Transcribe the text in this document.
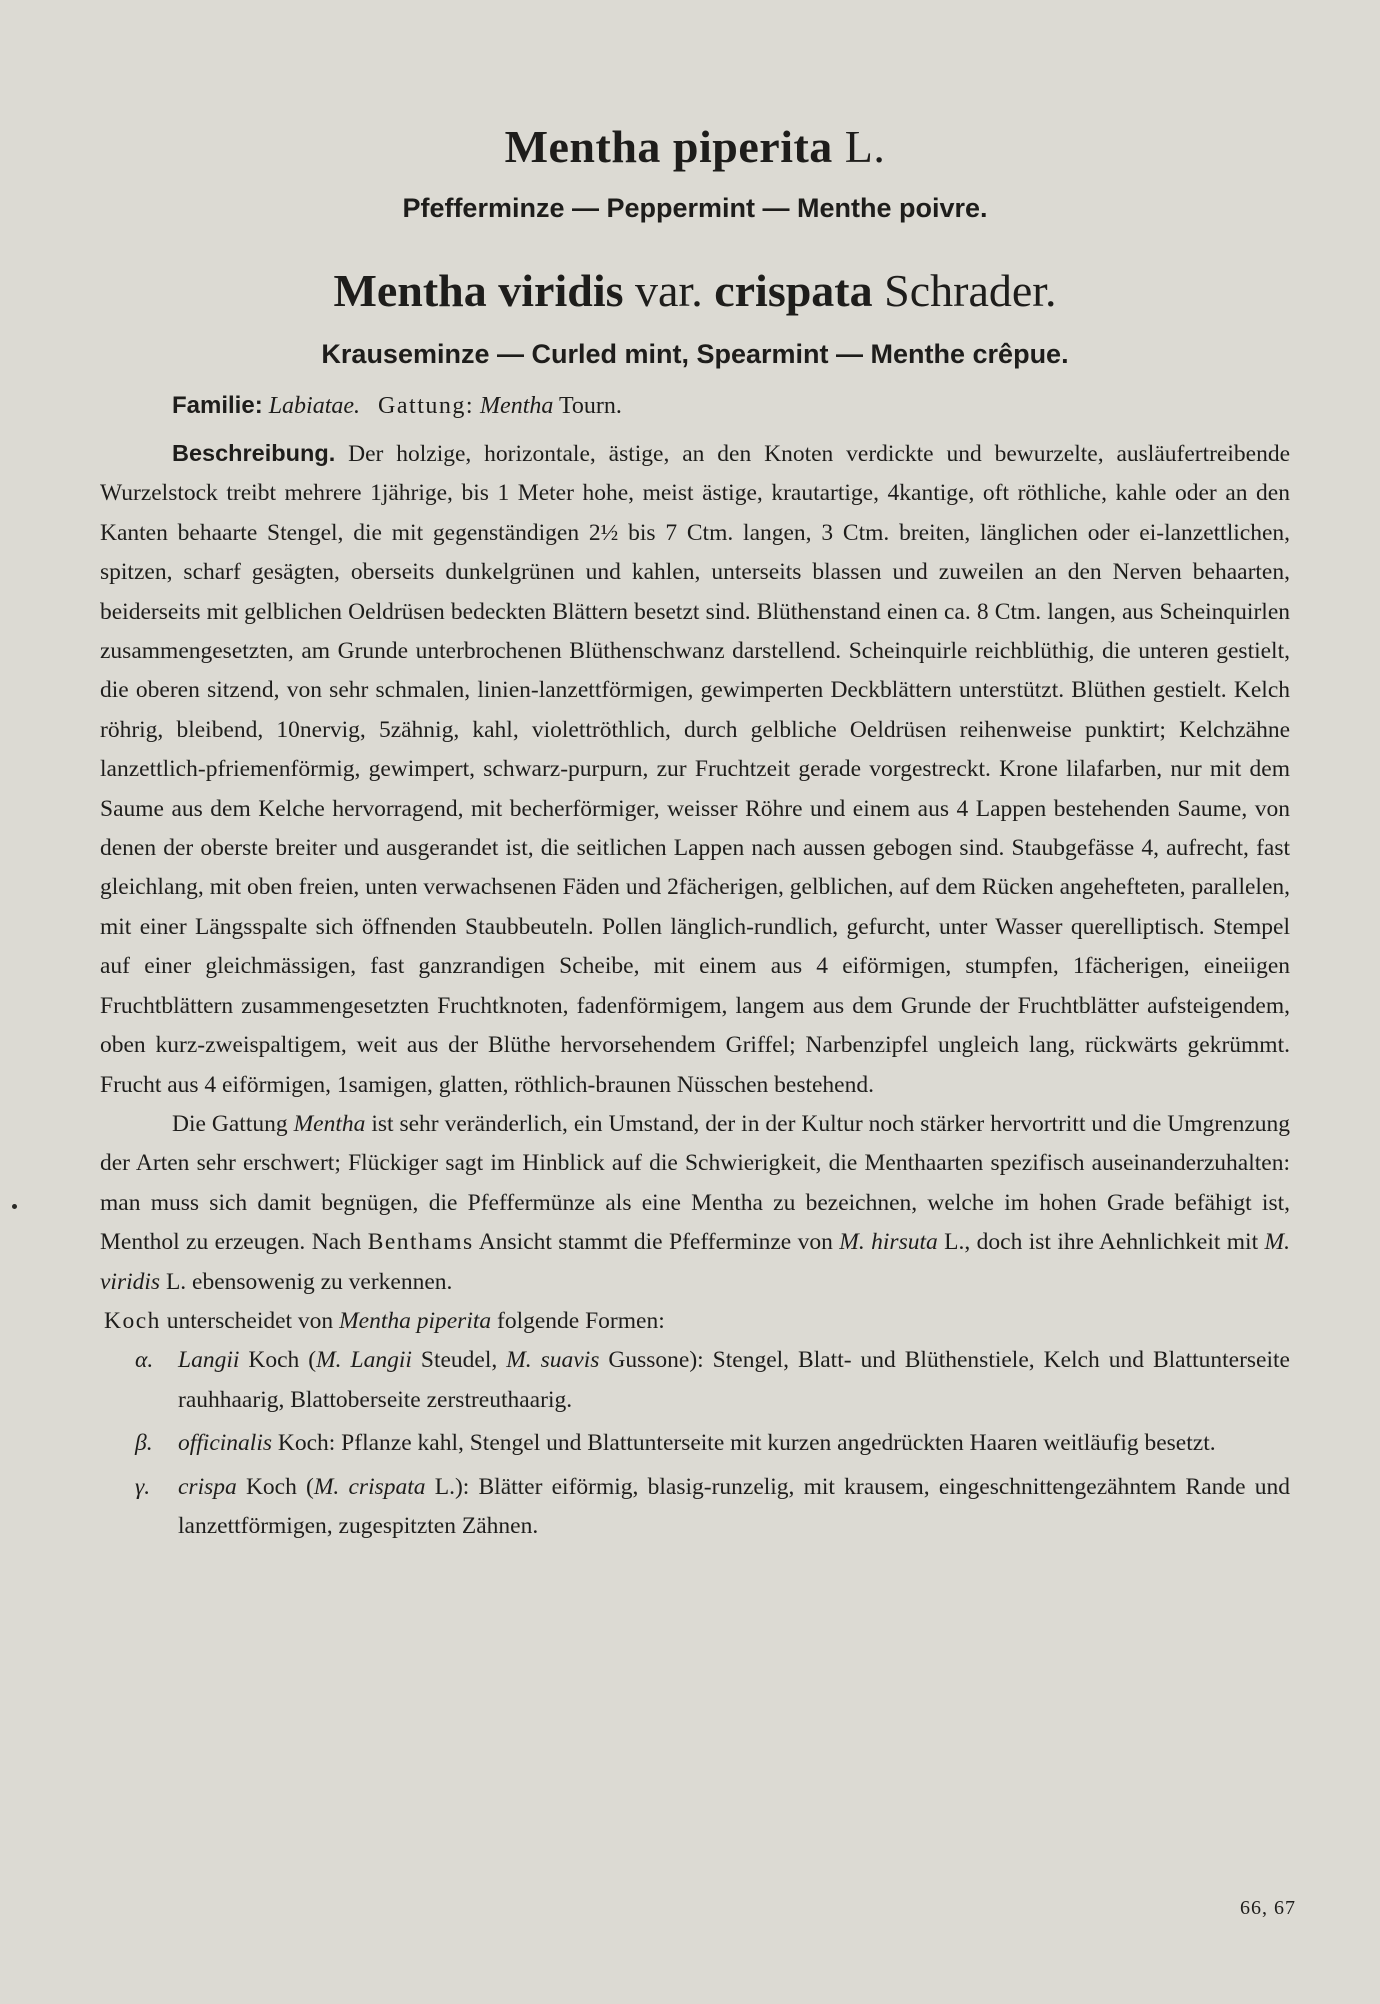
Mentha piperita L.
Pfefferminze — Peppermint — Menthe poivre.
Mentha viridis var. crispata Schrader.
Krauseminze — Curled mint, Spearmint — Menthe crêpue.
Familie: Labiatae. Gattung: Mentha Tourn.

Beschreibung. Der holzige, horizontale, ästige, an den Knoten verdickte und bewurzelte, ausläufertreibende Wurzelstock treibt mehrere 1jährige, bis 1 Meter hohe, meist ästige, krautartige, 4kantige, oft röthliche, kahle oder an den Kanten behaarte Stengel, die mit gegenständigen 2½ bis 7 Ctm. langen, 3 Ctm. breiten, länglichen oder ei-lanzettlichen, spitzen, scharf gesägten, oberseits dunkelgrünen und kahlen, unterseits blassen und zuweilen an den Nerven behaarten, beiderseits mit gelblichen Oeldrüsen bedeckten Blättern besetzt sind. Blüthenstand einen ca. 8 Ctm. langen, aus Scheinquirlen zusammengesetzten, am Grunde unterbrochenen Blüthenschwanz darstellend. Scheinquirle reichblüthig, die unteren gestielt, die oberen sitzend, von sehr schmalen, linien-lanzettförmigen, gewimperten Deckblättern unterstützt. Blüthen gestielt. Kelch röhrig, bleibend, 10nervig, 5zähnig, kahl, violettröthlich, durch gelbliche Oeldrüsen reihenweise punktirt; Kelchzähne lanzettlich-pfriemenförmig, gewimpert, schwarz-purpurn, zur Fruchtzeit gerade vorgestreckt. Krone lilafarben, nur mit dem Saume aus dem Kelche hervorragend, mit becherförmiger, weisser Röhre und einem aus 4 Lappen bestehenden Saume, von denen der oberste breiter und ausgerandet ist, die seitlichen Lappen nach aussen gebogen sind. Staubgefässe 4, aufrecht, fast gleichlang, mit oben freien, unten verwachsenen Fäden und 2fächerigen, gelblichen, auf dem Rücken angehefteten, parallelen, mit einer Längsspalte sich öffnenden Staubbeuteln. Pollen länglich-rundlich, gefurcht, unter Wasser querelliptisch. Stempel auf einer gleichmässigen, fast ganzrandigen Scheibe, mit einem aus 4 eiförmigen, stumpfen, 1fächerigen, eineiigen Fruchtblättern zusammengesetzten Fruchtknoten, fadenförmigem, langem aus dem Grunde der Fruchtblätter aufsteigendem, oben kurz-zweispaltigem, weit aus der Blüthe hervorsehendem Griffel; Narbenzipfel ungleich lang, rückwärts gekrümmt. Frucht aus 4 eiförmigen, 1samigen, glatten, röthlich-braunen Nüsschen bestehend.

Die Gattung Mentha ist sehr veränderlich, ein Umstand, der in der Kultur noch stärker hervortritt und die Umgrenzung der Arten sehr erschwert; Flückiger sagt im Hinblick auf die Schwierigkeit, die Menthaarten spezifisch auseinanderzuhalten: man muss sich damit begnügen, die Pfeffermünze als eine Mentha zu bezeichnen, welche im hohen Grade befähigt ist, Menthol zu erzeugen. Nach Benthams Ansicht stammt die Pfefferminze von M. hirsuta L., doch ist ihre Aehnlichkeit mit M. viridis L. ebensowenig zu verkennen.

Koch unterscheidet von Mentha piperita folgende Formen:

α. Langii Koch (M. Langii Steudel, M. suavis Gussone): Stengel, Blatt- und Blüthenstiele, Kelch und Blattunterseite rauhhaarig, Blattoberseite zerstreuthaarig.
β. officinalis Koch: Pflanze kahl, Stengel und Blattunterseite mit kurzen angedrückten Haaren weitläufig besetzt.
γ. crispa Koch (M. crispata L.): Blätter eiförmig, blasig-runzelig, mit krausem, eingeschnittengezähntem Rande und lanzettförmigen, zugespitzten Zähnen.
66, 67
